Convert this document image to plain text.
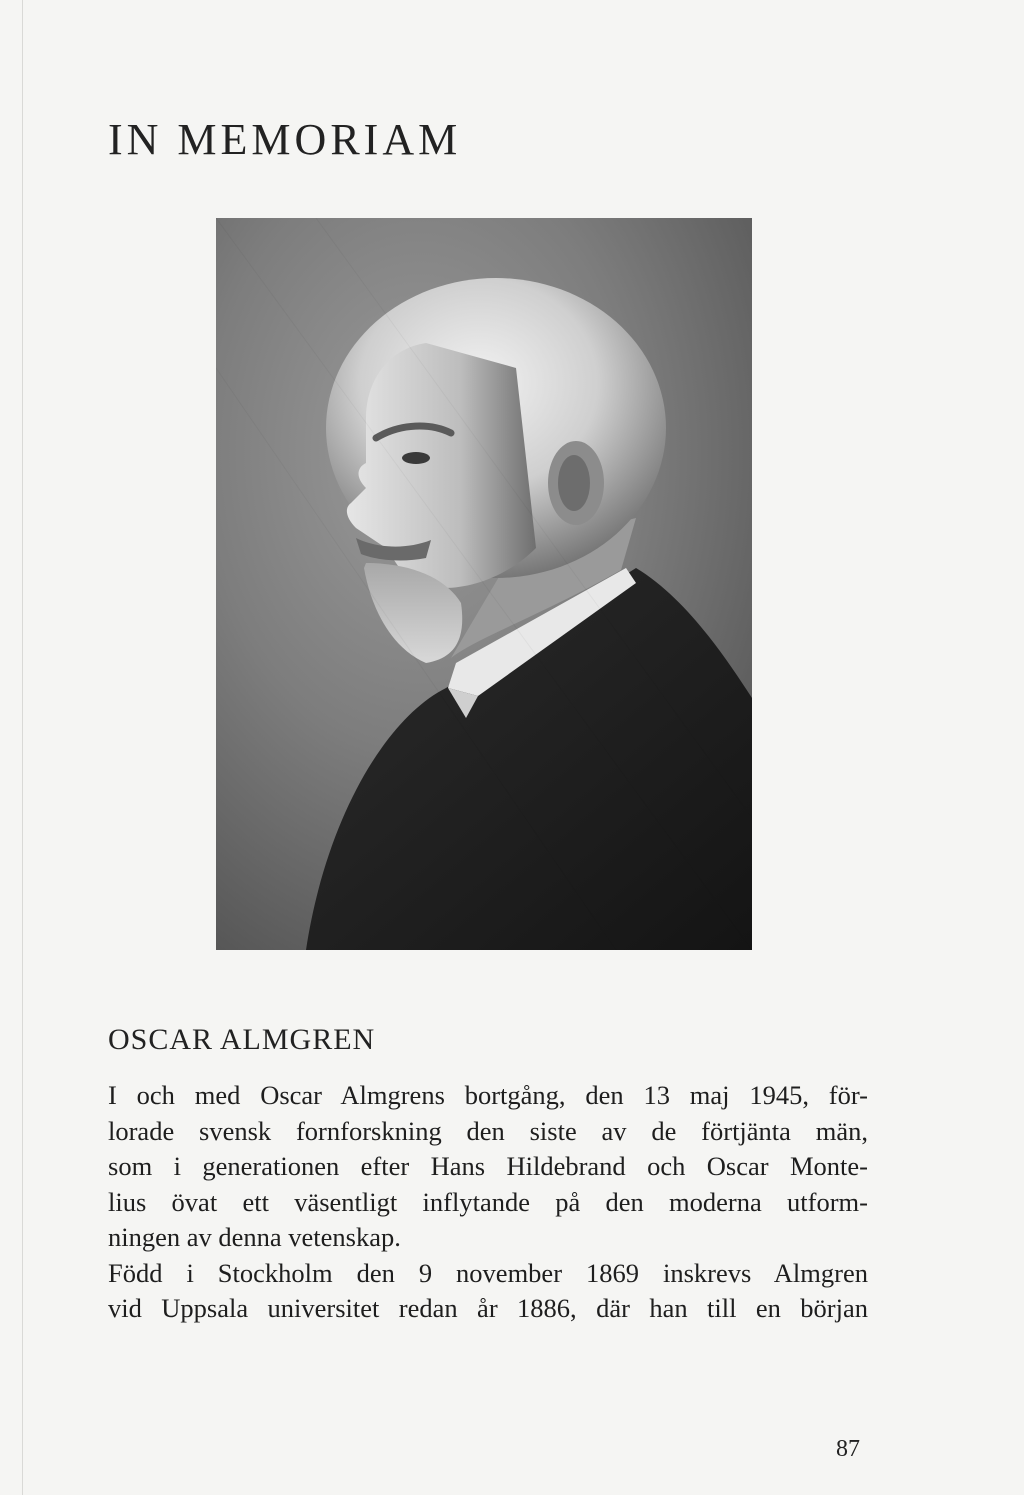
IN MEMORIAM
OSCAR ALMGREN

I och med Oscar Almgrens bortgång, den 13 maj 1945, för-
lorade svensk fornforskning den siste av de förtjänta män,
som i generationen efter Hans Hildebrand och Oscar Monte-
lius övat ett väsentligt inflytande på den moderna utform-
ningen av denna vetenskap.

Född i Stockholm den 9 november 1869 inskrevs Almgren
vid Uppsala universitet redan år 1886, där han till en början

87
